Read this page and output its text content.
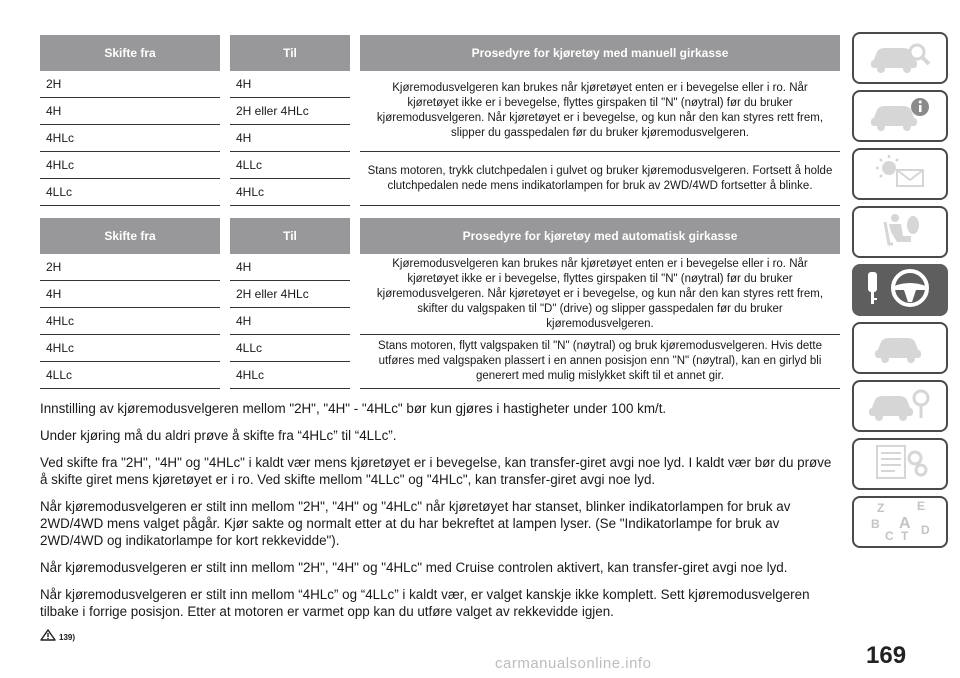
Skifte fra		Til		Prosedyre for kjøretøy med manuell girkasse
2H		4H		Kjøremodusvelgeren kan brukes når kjøretøyet enten er i bevegelse eller i ro. Når kjøretøyet ikke er i bevegelse, flyttes girspaken til "N" (nøytral) før du bruker kjøremodusvelgeren. Når kjøretøyet er i bevegelse, og kun når den kan styres rett frem, slipper du gasspedalen før du bruker kjøremodusvelgeren.
4H		2H eller 4HLc		
4HLc		4H		
4HLc		4LLc		Stans motoren, trykk clutchpedalen i gulvet og bruker kjøremodusvelgeren. Fortsett å holde clutchpedalen nede mens indikatorlampen for bruk av 2WD/4WD fortsetter å blinke.
4LLc		4HLc		
Skifte fra		Til		Prosedyre for kjøretøy med automatisk girkasse
2H		4H		Kjøremodusvelgeren kan brukes når kjøretøyet enten er i bevegelse eller i ro. Når kjøretøyet ikke er i bevegelse, flyttes girspaken til "N" (nøytral) før du bruker kjøremodusvelgeren. Når kjøretøyet er i bevegelse, og kun når den kan styres rett frem, skifter du valgspaken til "D" (drive) og slipper gasspedalen før du bruker kjøremodusvelgeren.
4H		2H eller 4HLc		
4HLc		4H		
4HLc		4LLc		Stans motoren, flytt valgspaken til "N" (nøytral) og bruk kjøremodusvelgeren. Hvis dette utføres med valgspaken plassert i en annen posisjon enn "N" (nøytral), kan en girlyd bli generert med mulig mislykket skift til et annet gir.
4LLc		4HLc		

Innstilling av kjøremodusvelgeren mellom "2H", "4H" - "4HLc" bør kun gjøres i hastigheter under 100 km/t.

Under kjøring må du aldri prøve å skifte fra “4HLc” til “4LLc”.

Ved skifte fra "2H", "4H" og "4HLc" i kaldt vær mens kjøretøyet er i bevegelse, kan transfer-giret avgi noe lyd. I kaldt vær bør du prøve å skifte giret mens kjøretøyet er i ro. Ved skifte mellom "4LLc" og "4HLc", kan transfer-giret avgi noe lyd.

Når kjøremodusvelgeren er stilt inn mellom "2H", "4H" og "4HLc" når kjøretøyet har stanset, blinker indikatorlampen for bruk av 2WD/4WD mens valget pågår. Kjør sakte og normalt etter at du har bekreftet at lampen lyser. (Se "Indikatorlampe for bruk av 2WD/4WD og indikatorlampe for kort rekkevidde").

Når kjøremodusvelgeren er stilt inn mellom "2H", "4H" og "4HLc" med Cruise controlen aktivert, kan transfer-giret avgi noe lyd.

Når kjøremodusvelgeren er stilt inn mellom “4HLc” og “4LLc” i kaldt vær, er valget kanskje ikke komplett. Sett kjøremodusvelgeren tilbake i forrige posisjon. Etter at motoren er varmet opp kan du utføre valget av rekkevidde igjen.

139)
Z	E
B A
C T D
169
carmanualsonline.info
